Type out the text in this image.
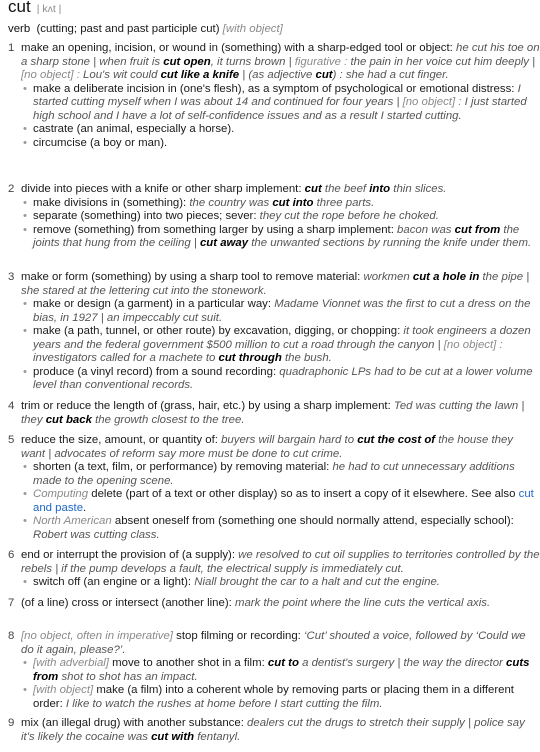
cut | kʌt |
verb (cutting; past and past participle cut) [with object]
1 make an opening, incision, or wound in (something) with a sharp-edged tool or object: he cut his toe on a sharp stone | when fruit is cut open, it turns brown | figurative : the pain in her voice cut him deeply | [no object] : Lou's wit could cut like a knife | (as adjective cut) : she had a cut finger.
• make a deliberate incision in (one's flesh), as a symptom of psychological or emotional distress: I started cutting myself when I was about 14 and continued for four years | [no object] : I just started high school and I have a lot of self-confidence issues and as a result I started cutting.
• castrate (an animal, especially a horse).
• circumcise (a boy or man).
2 divide into pieces with a knife or other sharp implement: cut the beef into thin slices.
• make divisions in (something): the country was cut into three parts.
• separate (something) into two pieces; sever: they cut the rope before he choked.
• remove (something) from something larger by using a sharp implement: bacon was cut from the joints that hung from the ceiling | cut away the unwanted sections by running the knife under them.
3 make or form (something) by using a sharp tool to remove material: workmen cut a hole in the pipe | she stared at the lettering cut into the stonework.
• make or design (a garment) in a particular way: Madame Vionnet was the first to cut a dress on the bias, in 1927 | an impeccably cut suit.
• make (a path, tunnel, or other route) by excavation, digging, or chopping: it took engineers a dozen years and the federal government $500 million to cut a road through the canyon | [no object] : investigators called for a machete to cut through the bush.
• produce (a vinyl record) from a sound recording: quadraphonic LPs had to be cut at a lower volume level than conventional records.
4 trim or reduce the length of (grass, hair, etc.) by using a sharp implement: Ted was cutting the lawn | they cut back the growth closest to the tree.
5 reduce the size, amount, or quantity of: buyers will bargain hard to cut the cost of the house they want | advocates of reform say more must be done to cut crime.
• shorten (a text, film, or performance) by removing material: he had to cut unnecessary additions made to the opening scene.
• Computing delete (part of a text or other display) so as to insert a copy of it elsewhere. See also cut and paste.
• North American absent oneself from (something one should normally attend, especially school): Robert was cutting class.
6 end or interrupt the provision of (a supply): we resolved to cut oil supplies to territories controlled by the rebels | if the pump develops a fault, the electrical supply is immediately cut.
• switch off (an engine or a light): Niall brought the car to a halt and cut the engine.
7 (of a line) cross or intersect (another line): mark the point where the line cuts the vertical axis.
8 [no object, often in imperative] stop filming or recording: ‘Cut’ shouted a voice, followed by ‘Could we do it again, please?’.
• [with adverbial] move to another shot in a film: cut to a dentist's surgery | the way the director cuts from shot to shot has an impact.
• [with object] make (a film) into a coherent whole by removing parts or placing them in a different order: I like to watch the rushes at home before I start cutting the film.
9 mix (an illegal drug) with another substance: dealers cut the drugs to stretch their supply | police say it's likely the cocaine was cut with fentanyl.
